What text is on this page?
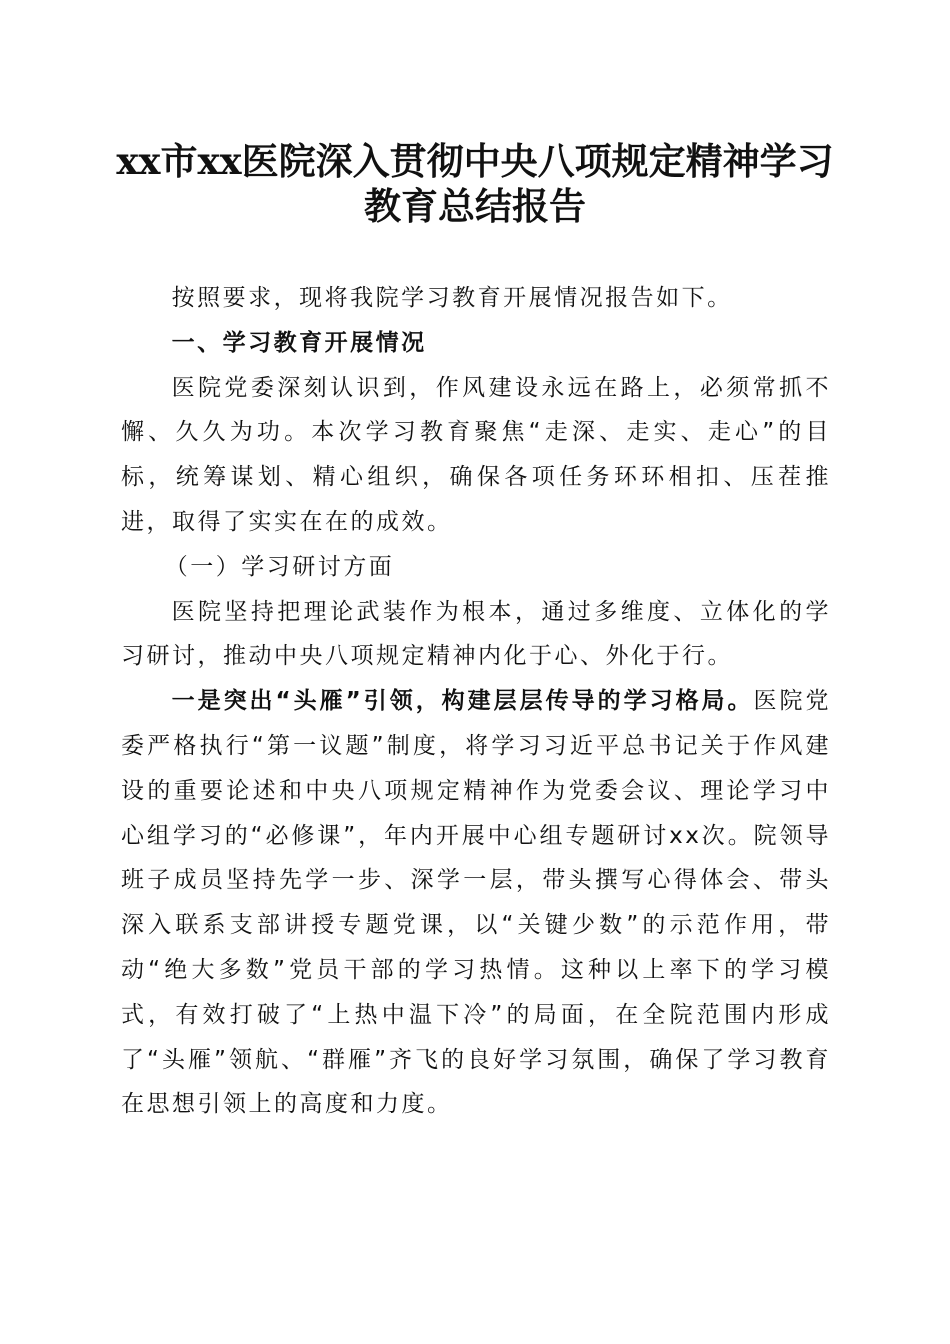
xx市xx医院深入贯彻中央八项规定精神学习
教育总结报告

按照要求，现将我院学习教育开展情况报告如下。

一、学习教育开展情况

医院党委深刻认识到，作风建设永远在路上，必须常抓不懈、久久为功。本次学习教育聚焦“走深、走实、走心”的目标，统筹谋划、精心组织，确保各项任务环环相扣、压茬推进，取得了实实在在的成效。

（一）学习研讨方面

医院坚持把理论武装作为根本，通过多维度、立体化的学习研讨，推动中央八项规定精神内化于心、外化于行。

一是突出“头雁”引领，构建层层传导的学习格局。医院党委严格执行“第一议题”制度，将学习习近平总书记关于作风建设的重要论述和中央八项规定精神作为党委会议、理论学习中心组学习的“必修课”，年内开展中心组专题研讨xx次。院领导班子成员坚持先学一步、深学一层，带头撰写心得体会、带头深入联系支部讲授专题党课，以“关键少数”的示范作用，带动“绝大多数”党员干部的学习热情。这种以上率下的学习模式，有效打破了“上热中温下冷”的局面，在全院范围内形成了“头雁”领航、“群雁”齐飞的良好学习氛围，确保了学习教育在思想引领上的高度和力度。
